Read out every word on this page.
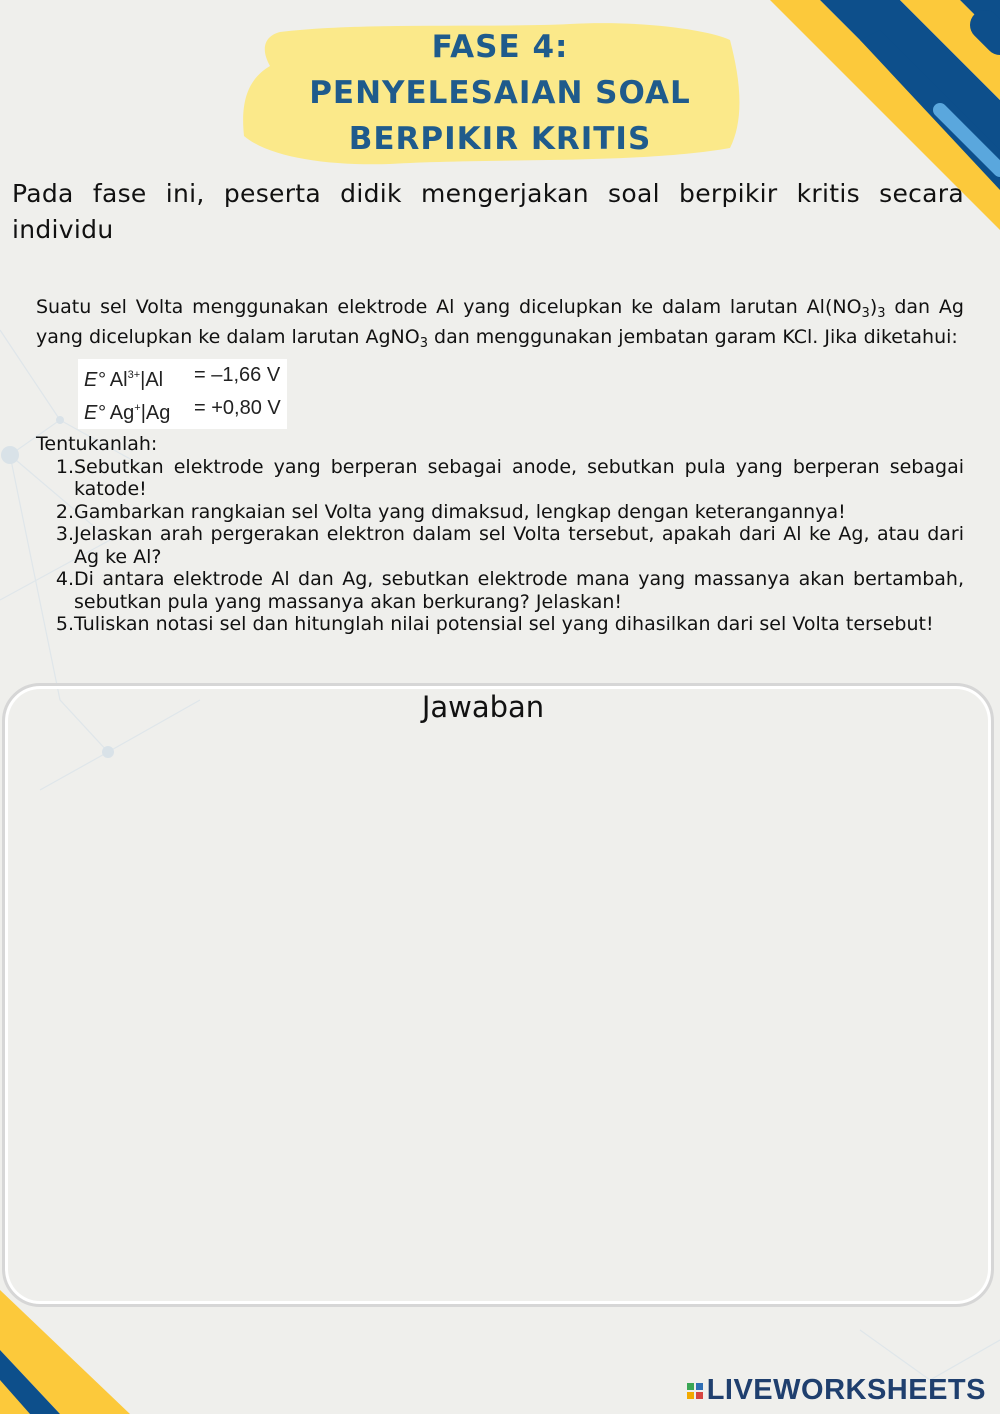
FASE 4:
PENYELESAIAN SOAL
BERPIKIR KRITIS
Pada fase ini, peserta didik mengerjakan soal berpikir kritis secara individu
Suatu sel Volta menggunakan elektrode Al yang dicelupkan ke dalam larutan $Al(NO_3)_3$ dan Ag yang dicelupkan ke dalam larutan AgNO$_3$ dan menggunakan jembatan garam KCl. Jika diketahui:
E° $Al^{3+}|Al$	= –1,66 V
E° Ag+|Ag	= +0,80 V
Tentukanlah:
1. Sebutkan elektrode yang berperan sebagai anode, sebutkan pula yang berperan sebagai katode!
2. Gambarkan rangkaian sel Volta yang dimaksud, lengkap dengan keterangannya!
3. Jelaskan arah pergerakan elektron dalam sel Volta tersebut, apakah dari Al ke Ag, atau dari Ag ke Al?
4. Di antara elektrode Al dan Ag, sebutkan elektrode mana yang massanya akan bertambah, sebutkan pula yang massanya akan berkurang? Jelaskan!
5. Tuliskan notasi sel dan hitunglah nilai potensial sel yang dihasilkan dari sel Volta tersebut!
Jawaban
LIVEWORKSHEETS
